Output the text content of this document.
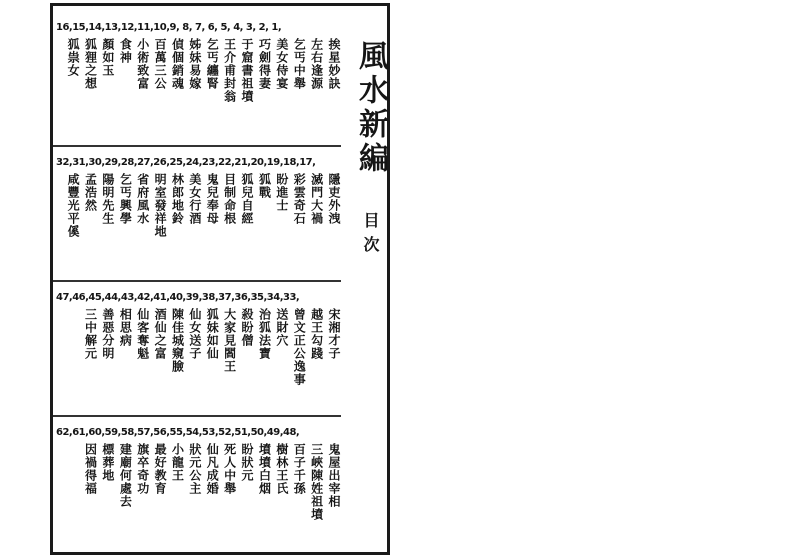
16,15,14,13,12,11,10,9, 8, 7, 6, 5, 4, 3, 2, 1,
挨星妙訣
左右逢源
乞丐中舉
美女侍宴
巧劍得妻
于窟書祖墳
王介甫封翁
乞丐纏腎
姊妹易嫁
偵個銷魂
百萬三公
小術致富
食神
顏如玉
狐狸之想
狐祟女
32,31,30,29,28,27,26,25,24,23,22,21,20,19,18,17,
隱吏外洩
滅門大禍
彩雲奇石
盼進士
狐戰
狐兒自經
目制命根
鬼兒奉母
美女行酒
林郎地鈴
明室發祥地
省府風水
乞丐興學
陽明先生
孟浩然
咸豐光平傒
47,46,45,44,43,42,41,40,39,38,37,36,35,34,33,
宋湘才子
越王勾踐
曾文正公逸事
送財穴
治狐法寶
殺盼僧
大家見閻王
狐妹如仙
仙女送子
陳佳城窺臉
酒仙之富
仙客奪魁
相思病
善惡分明
三中解元
62,61,60,59,58,57,56,55,54,53,52,51,50,49,48,
鬼屋出宰相
三峽陳姓祖墳
百子千孫
樹林王氏
墳墳白烟
盼狀元
死人中舉
仙凡成婚
狀元公主
小龍王
最好教育
旗卒奇功
建廟何處去
標葬地
因禍得福
風水新編
目次
